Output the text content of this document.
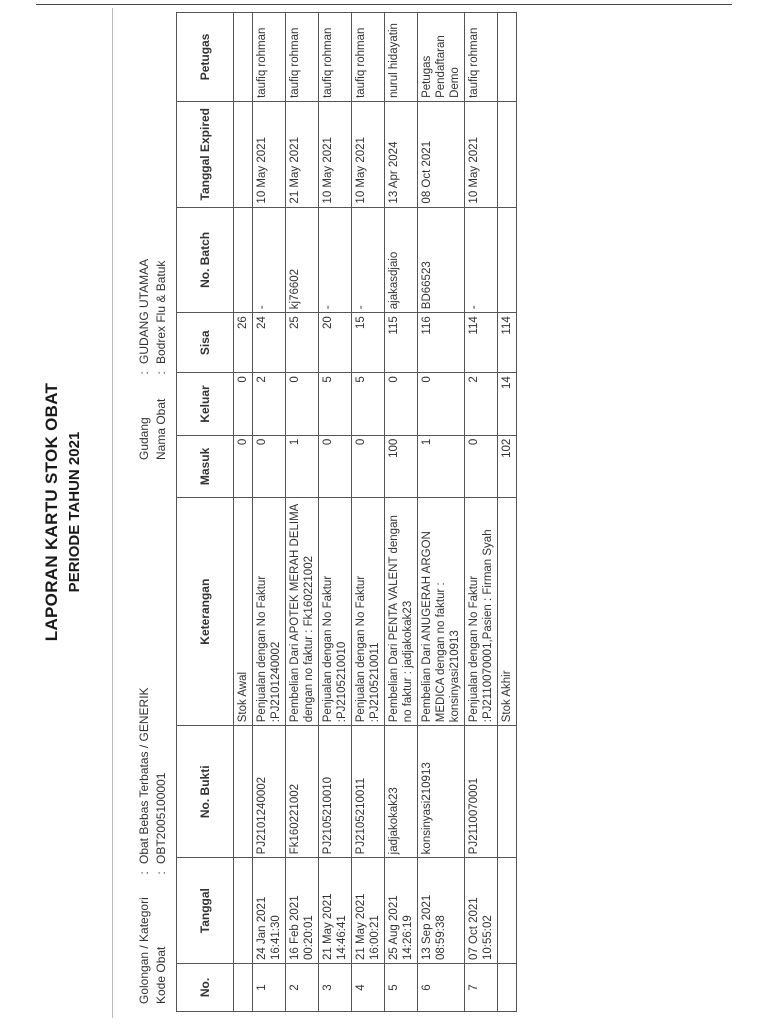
LAPORAN KARTU STOK OBAT PERIODE TAHUN 2021
Golongan / Kategori
:
Obat Bebas Terbatas / GENERIK
Kode Obat
:
OBT2005100001
Gudang
:
GUDANG UTAMAA
Nama Obat
:
Bodrex Flu & Batuk
No.	Tanggal	No. Bukti	Keterangan	Masuk	Keluar	Sisa	No. Batch	Tanggal Expired	Petugas
			Stok Awal	0	0	26			
1	24 Jan 2021 16:41:30	PJ2101240002	Penjualan dengan No Faktur :PJ2101240002	0	2	24	-	10 May 2021	taufiq rohman
2	16 Feb 2021 00:20:01	Fk160221002	Pembelian Dari APOTEK MERAH DELIMA dengan no faktur : Fk160221002	1	0	25	kj76602	21 May 2021	taufiq rohman
3	21 May 2021 14:46:41	PJ2105210010	Penjualan dengan No Faktur :PJ2105210010	0	5	20	-	10 May 2021	taufiq rohman
4	21 May 2021 16:00:21	PJ2105210011	Penjualan dengan No Faktur :PJ2105210011	0	5	15	-	10 May 2021	taufiq rohman
5	25 Aug 2021 14:26:19	jadjakokak23	Pembelian Dari PENTA VALENT dengan no faktur : jadjakokak23	100	0	115	ajakasdjaio	13 Apr 2024	nurul hidayatin
6	13 Sep 2021 08:59:38	konsinyasi210913	Pembelian Dari ANUGERAH ARGON MEDICA dengan no faktur : konsinyasi210913	1	0	116	BD66523	08 Oct 2021	Petugas Pendaftaran Demo
7	07 Oct 2021 10:55:02	PJ2110070001	Penjualan dengan No Faktur :PJ2110070001,Pasien : Firman Syah	0	2	114	-	10 May 2021	taufiq rohman
			Stok Akhir	102	14	114			
